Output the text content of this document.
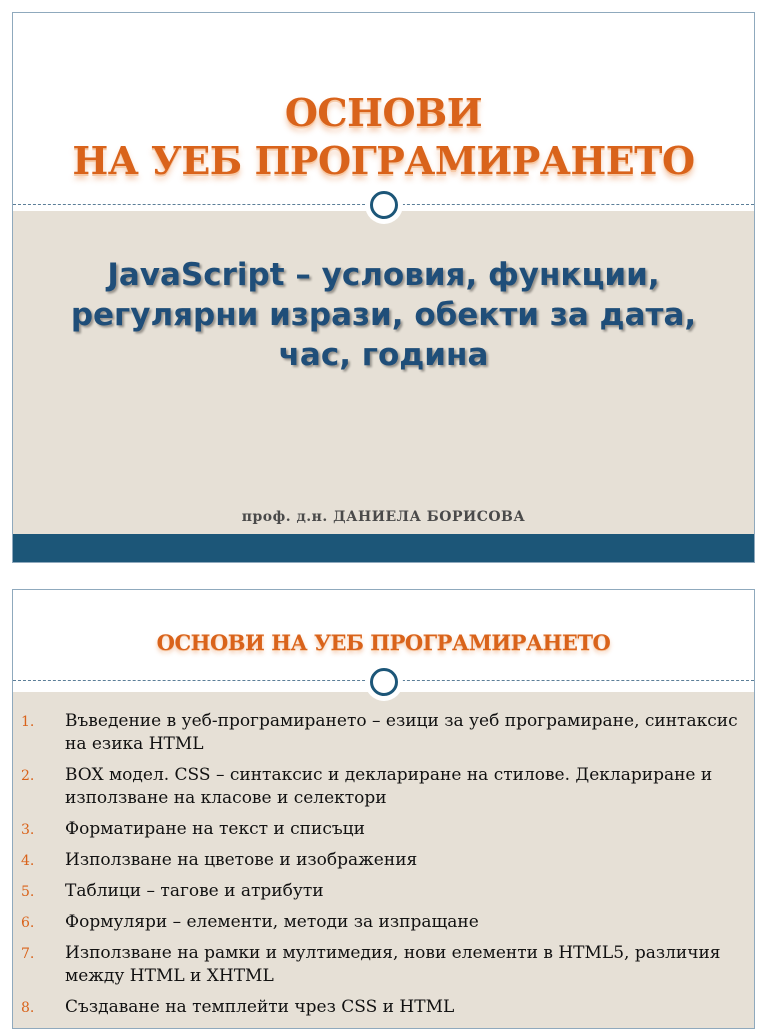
ОСНОВИ
НА УЕБ ПРОГРАМИРАНЕТО
JavaScript – условия, функции,
регулярни изрази, обекти за дата,
час, година
проф. д.н. ДАНИЕЛА БОРИСОВА
ОСНОВИ НА УЕБ ПРОГРАМИРАНЕТО
1. Въведение в уеб-програмирането – езици за уеб програмиране, синтаксис на езика HTML
2. BOX модел. CSS – синтаксис и деклариране на стилове. Деклариране и използване на класове и селектори
3. Форматиране на текст и списъци
4. Използване на цветове и изображения
5. Таблици – тагове и атрибути
6. Формуляри – елементи, методи за изпращане
7. Използване на рамки и мултимедия, нови елементи в HTML5, различия между HTML и XHTML
8. Създаване на темплейти чрез CSS и HTML
